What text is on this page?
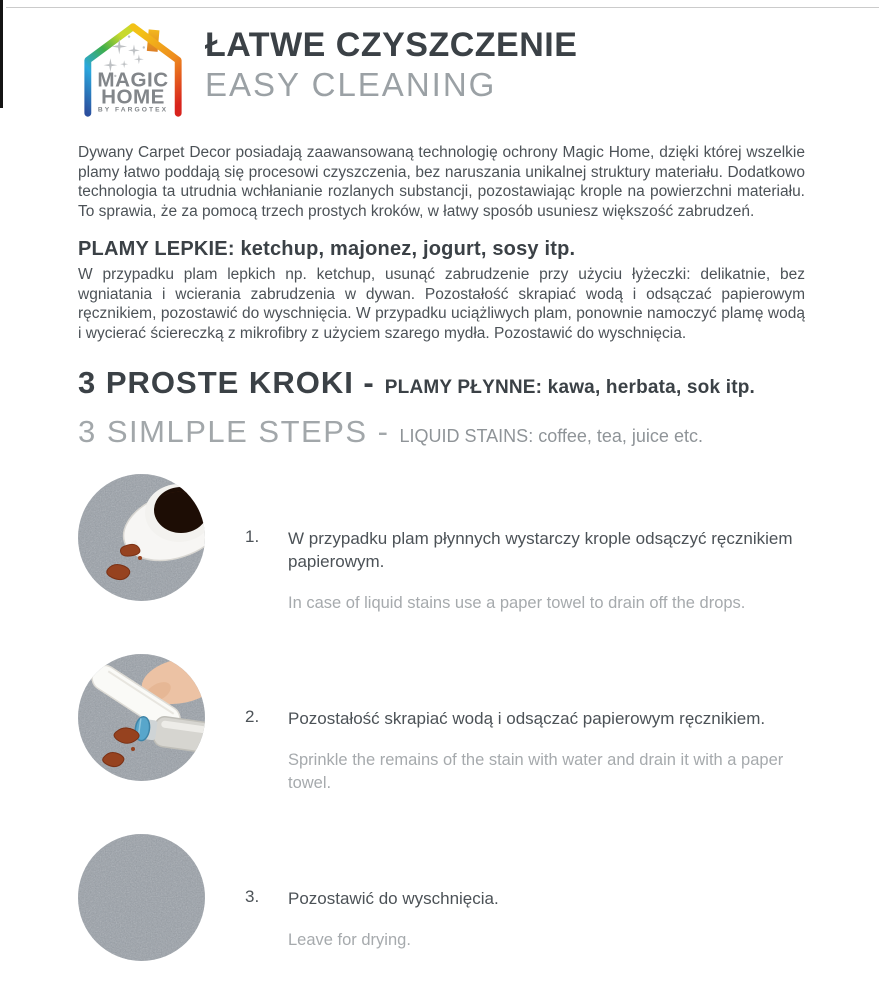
MAGIC
HOME
BY FARGOTEX
ŁATWE CZYSZCZENIE
EASY CLEANING

Dywany Carpet Decor posiadają zaawansowaną technologię ochrony Magic Home, dzięki której wszelkie plamy łatwo poddają się procesowi czyszczenia, bez naruszania unikalnej struktury materiału. Dodatkowo technologia ta utrudnia wchłanianie rozlanych substancji, pozostawiając krople na powierzchni materiału. To sprawia, że za pomocą trzech prostych kroków, w łatwy sposób usuniesz większość zabrudzeń.

PLAMY LEPKIE: ketchup, majonez, jogurt, sosy itp.

W przypadku plam lepkich np. ketchup, usunąć zabrudzenie przy użyciu łyżeczki: delikatnie, bez wgniatania i wcierania zabrudzenia w dywan. Pozostałość skrapiać wodą i odsączać papierowym ręcznikiem, pozostawić do wyschnięcia. W przypadku uciążliwych plam, ponownie namoczyć plamę wodą i wycierać ściereczką z mikrofibry z użyciem szarego mydła. Pozostawić do wyschnięcia.

3 PROSTE KROKI - PLAMY PŁYNNE: kawa, herbata, sok itp.
3 SIMLPLE STEPS - LIQUID STAINS: coffee, tea, juice etc.
1.	W przypadku plam płynnych wystarczy krople odsączyć ręcznikiem papierowym.
In case of liquid stains use a paper towel to drain off the drops.
2.	Pozostałość skrapiać wodą i odsączać papierowym ręcznikiem.
Sprinkle the remains of the stain with water and drain it with a paper towel.
3.	Pozostawić do wyschnięcia.
Leave for drying.
